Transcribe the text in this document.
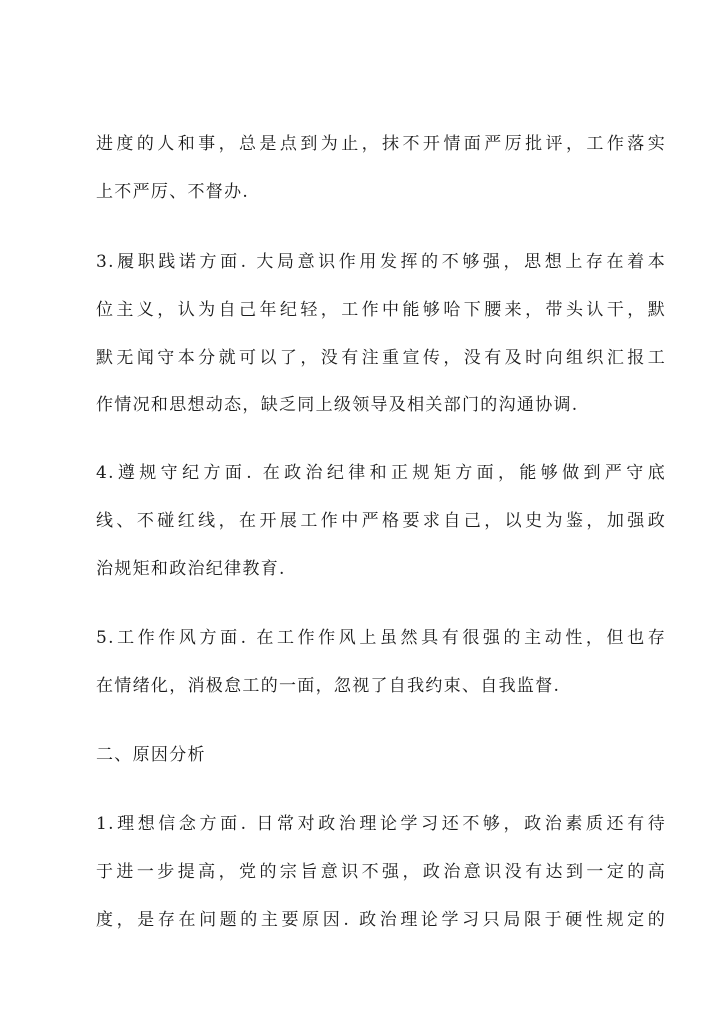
进度的人和事，总是点到为止，抹不开情面严厉批评，工作落实
上不严厉、不督办.
3.履职践诺方面. 大局意识作用发挥的不够强，思想上存在着本
位主义，认为自己年纪轻，工作中能够哈下腰来，带头认干，默
默无闻守本分就可以了，没有注重宣传，没有及时向组织汇报工
作情况和思想动态，缺乏同上级领导及相关部门的沟通协调.
4.遵规守纪方面. 在政治纪律和正规矩方面，能够做到严守底
线、不碰红线，在开展工作中严格要求自己，以史为鉴，加强政
治规矩和政治纪律教育.
5.工作作风方面. 在工作作风上虽然具有很强的主动性，但也存
在情绪化，消极怠工的一面，忽视了自我约束、自我监督.
二、原因分析
1.理想信念方面. 日常对政治理论学习还不够，政治素质还有待
于进一步提高，党的宗旨意识不强，政治意识没有达到一定的高
度，是存在问题的主要原因. 政治理论学习只局限于硬性规定的
